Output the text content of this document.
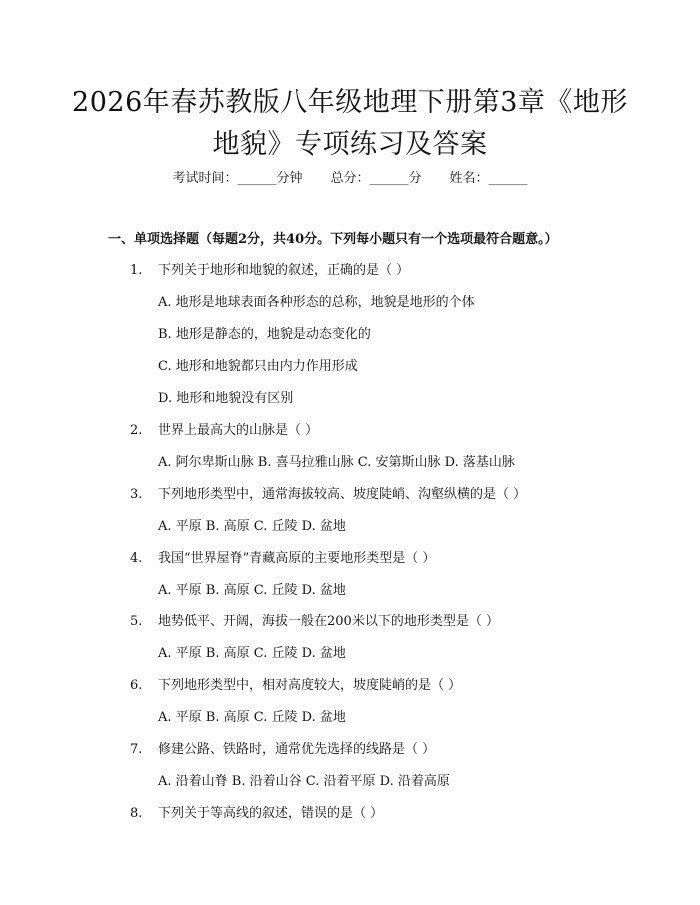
2026年春苏教版八年级地理下册第3章《地形地貌》专项练习及答案
考试时间：______分钟 总分：______分 姓名：______
一、单项选择题（每题2分，共40分。下列每小题只有一个选项最符合题意。）
1. 下列关于地形和地貌的叙述，正确的是（ ）
A. 地形是地球表面各种形态的总称，地貌是地形的个体
B. 地形是静态的，地貌是动态变化的
C. 地形和地貌都只由内力作用形成
D. 地形和地貌没有区别
2. 世界上最高大的山脉是（ ）
A. 阿尔卑斯山脉 B. 喜马拉雅山脉 C. 安第斯山脉 D. 落基山脉
3. 下列地形类型中，通常海拔较高、坡度陡峭、沟壑纵横的是（ ）
A. 平原 B. 高原 C. 丘陵 D. 盆地
4. 我国“世界屋脊”青藏高原的主要地形类型是（ ）
A. 平原 B. 高原 C. 丘陵 D. 盆地
5. 地势低平、开阔，海拔一般在200米以下的地形类型是（ ）
A. 平原 B. 高原 C. 丘陵 D. 盆地
6. 下列地形类型中，相对高度较大，坡度陡峭的是（ ）
A. 平原 B. 高原 C. 丘陵 D. 盆地
7. 修建公路、铁路时，通常优先选择的线路是（ ）
A. 沿着山脊 B. 沿着山谷 C. 沿着平原 D. 沿着高原
8. 下列关于等高线的叙述，错误的是（ ）
